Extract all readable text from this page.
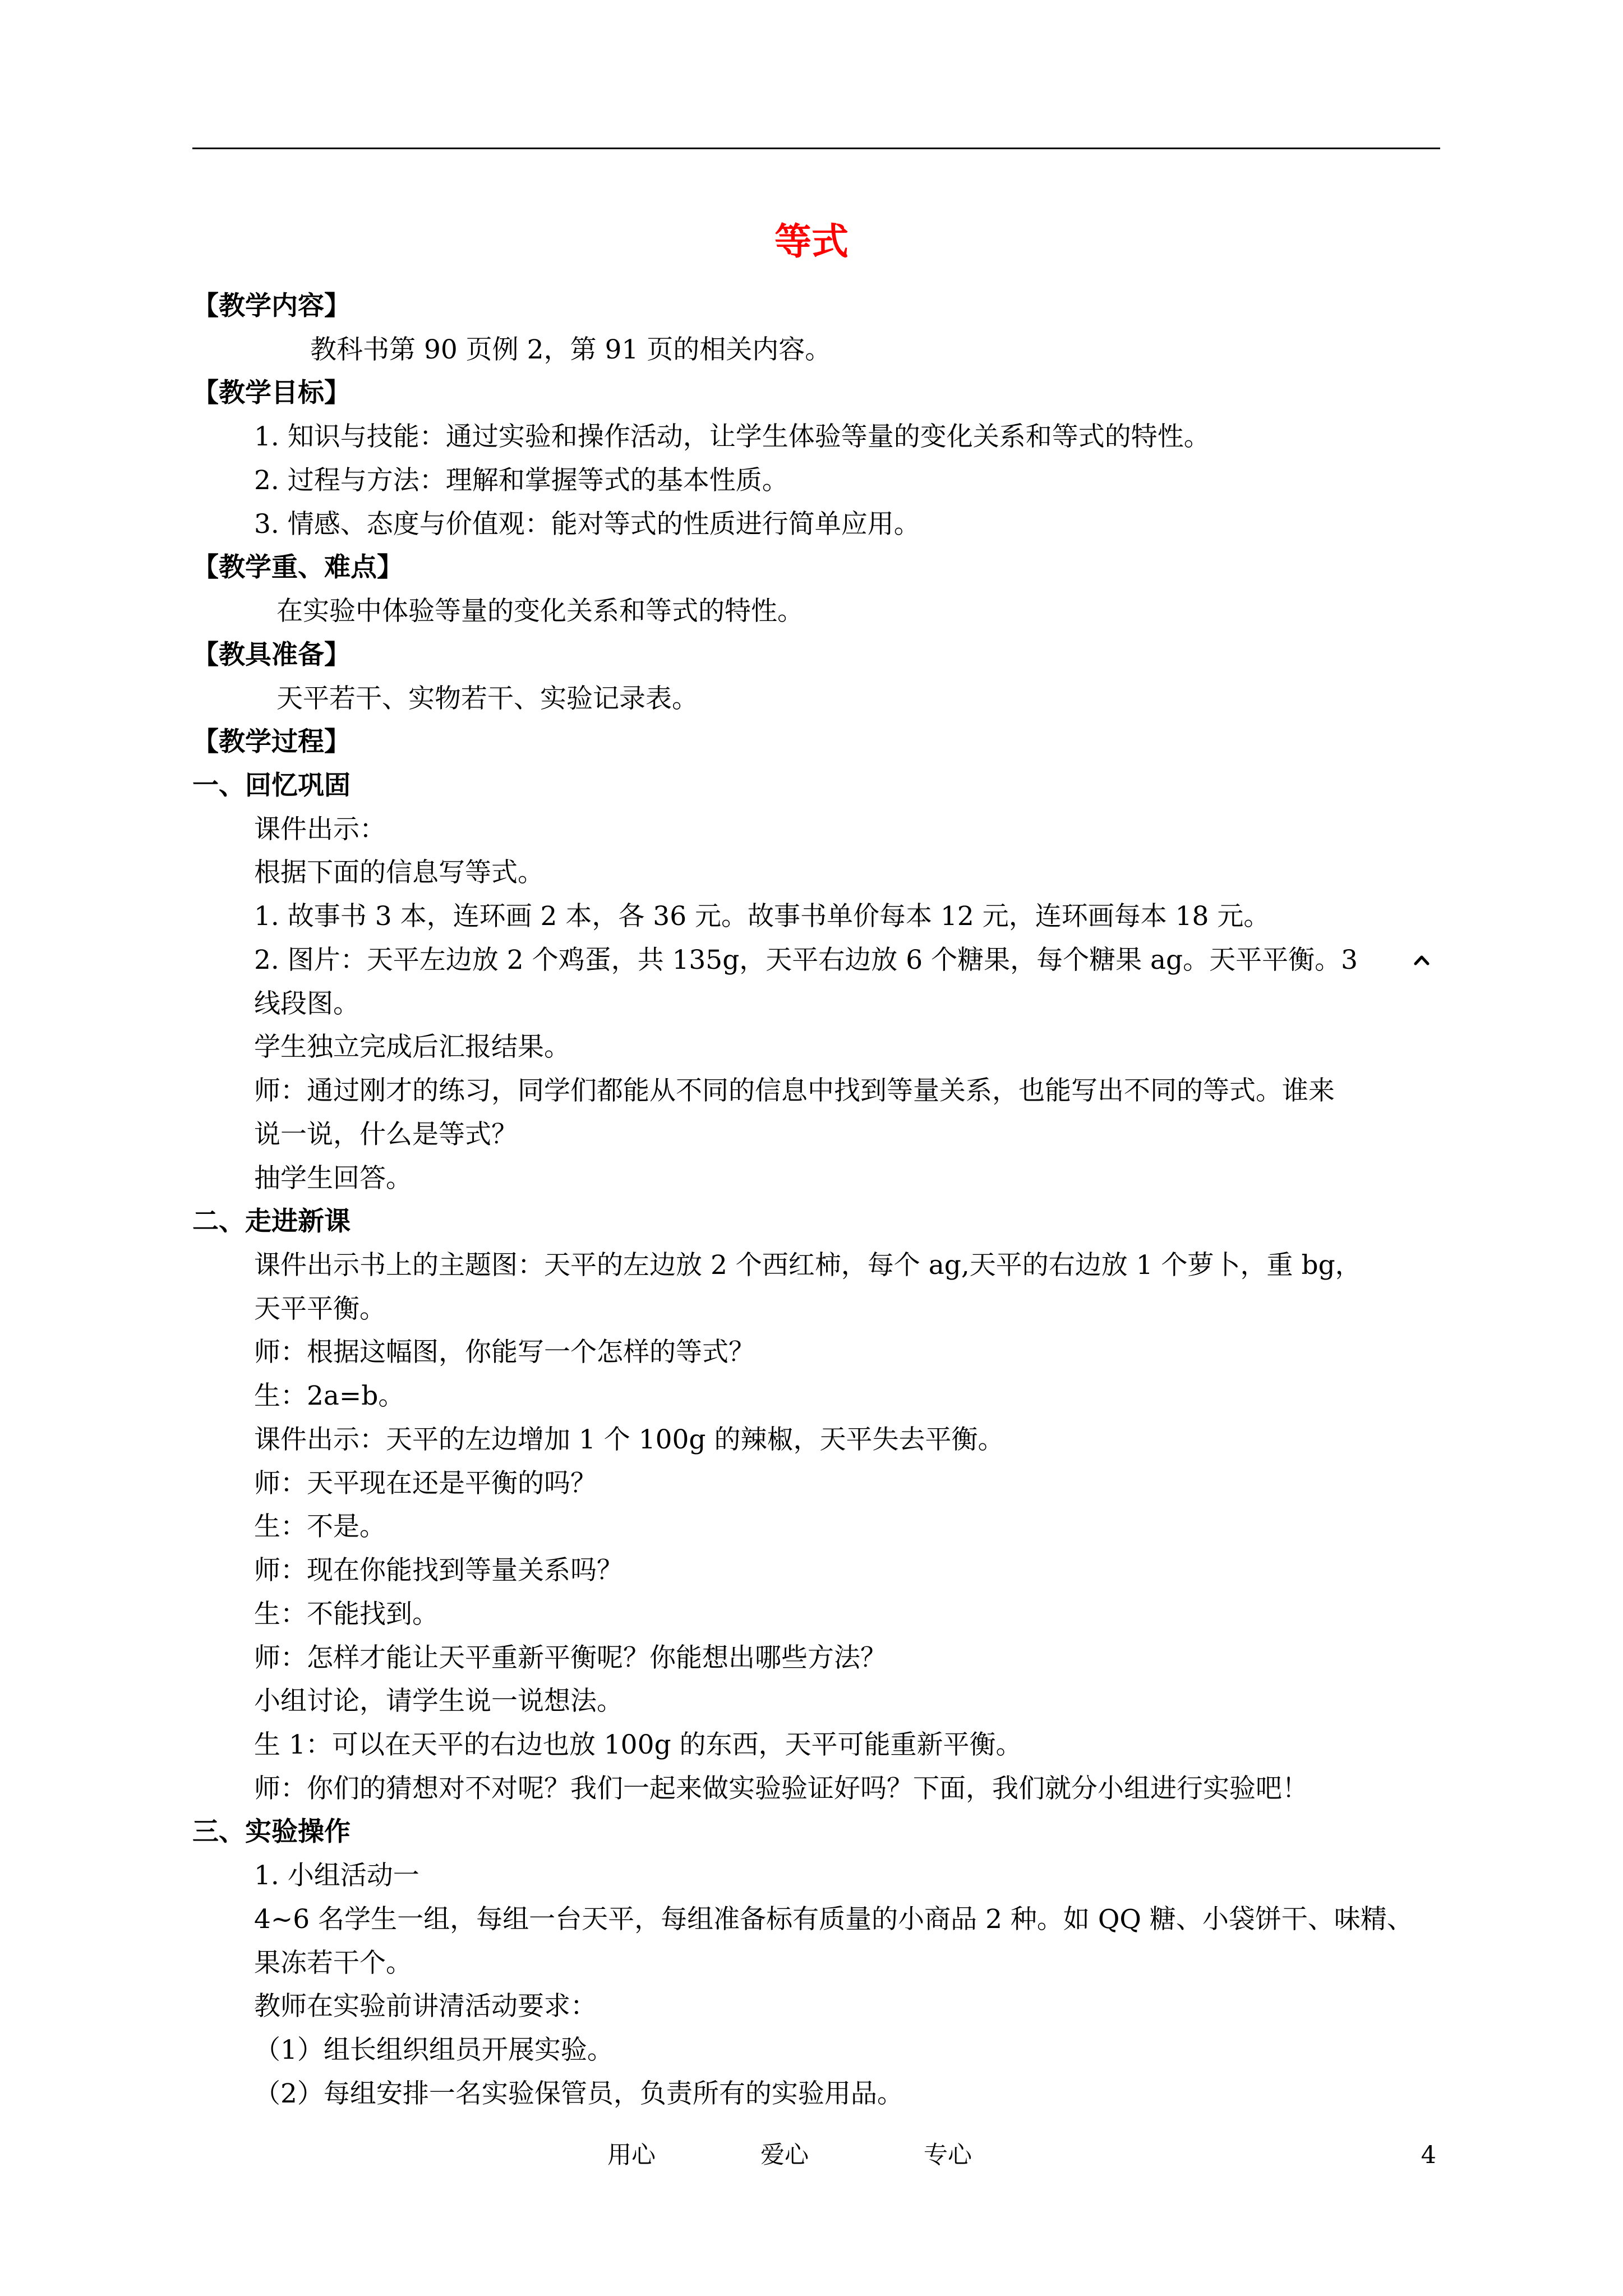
等式
【教学内容】
教科书第 90 页例 2，第 91 页的相关内容。
【教学目标】
1. 知识与技能：通过实验和操作活动，让学生体验等量的变化关系和等式的特性。
2. 过程与方法：理解和掌握等式的基本性质。
3. 情感、态度与价值观：能对等式的性质进行简单应用。
【教学重、难点】
在实验中体验等量的变化关系和等式的特性。
【教具准备】
天平若干、实物若干、实验记录表。
【教学过程】
一、回忆巩固
课件出示：
根据下面的信息写等式。
1. 故事书 3 本，连环画 2 本，各 36 元。故事书单价每本 12 元，连环画每本 18 元。
2. 图片：天平左边放 2 个鸡蛋，共 135g，天平右边放 6 个糖果，每个糖果 ag。天平平衡。3
线段图。
学生独立完成后汇报结果。
师：通过刚才的练习，同学们都能从不同的信息中找到等量关系，也能写出不同的等式。谁来
说一说，什么是等式？
抽学生回答。
二、走进新课
课件出示书上的主题图：天平的左边放 2 个西红柿，每个 ag,天平的右边放 1 个萝卜，重 bg，
天平平衡。
师：根据这幅图，你能写一个怎样的等式？
生：2a=b。
课件出示：天平的左边增加 1 个 100g 的辣椒，天平失去平衡。
师：天平现在还是平衡的吗？
生：不是。
师：现在你能找到等量关系吗？
生：不能找到。
师：怎样才能让天平重新平衡呢？你能想出哪些方法？
小组讨论，请学生说一说想法。
生 1：可以在天平的右边也放 100g 的东西，天平可能重新平衡。
师：你们的猜想对不对呢？我们一起来做实验验证好吗？下面，我们就分小组进行实验吧！
三、实验操作
1. 小组活动一
4~6 名学生一组，每组一台天平，每组准备标有质量的小商品 2 种。如 QQ 糖、小袋饼干、味精、
果冻若干个。
教师在实验前讲清活动要求：
（1）组长组织组员开展实验。
（2）每组安排一名实验保管员，负责所有的实验用品。
用心	爱心	专心	4
